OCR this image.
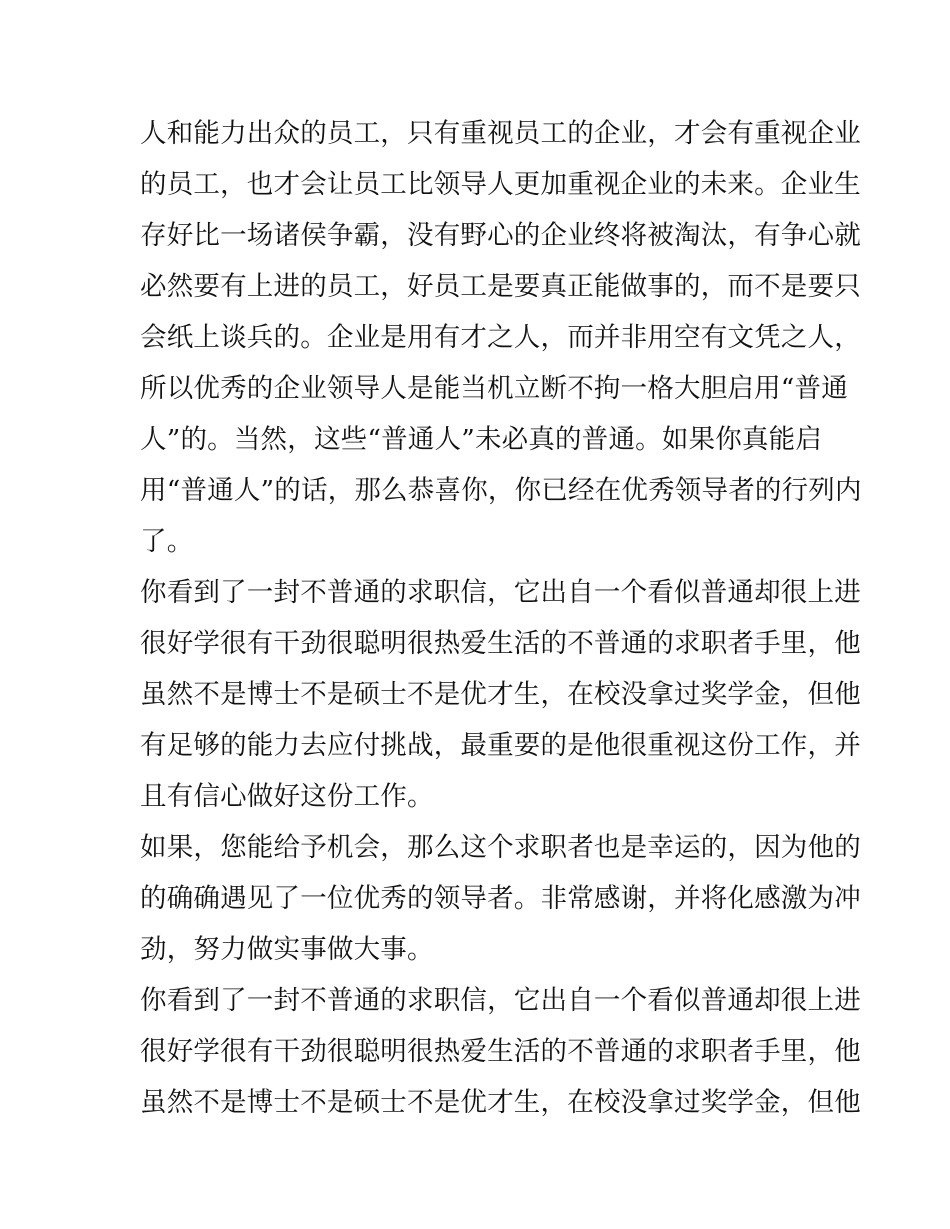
人和能力出众的员工，只有重视员工的企业，才会有重视企业
的员工，也才会让员工比领导人更加重视企业的未来。企业生
存好比一场诸侯争霸，没有野心的企业终将被淘汰，有争心就
必然要有上进的员工，好员工是要真正能做事的，而不是要只
会纸上谈兵的。企业是用有才之人，而并非用空有文凭之人，
所以优秀的企业领导人是能当机立断不拘一格大胆启用“普通
人”的。当然，这些“普通人”未必真的普通。如果你真能启
用“普通人”的话，那么恭喜你，你已经在优秀领导者的行列内
了。
你看到了一封不普通的求职信，它出自一个看似普通却很上进
很好学很有干劲很聪明很热爱生活的不普通的求职者手里，他
虽然不是博士不是硕士不是优才生，在校没拿过奖学金，但他
有足够的能力去应付挑战，最重要的是他很重视这份工作，并
且有信心做好这份工作。
如果，您能给予机会，那么这个求职者也是幸运的，因为他的
的确确遇见了一位优秀的领导者。非常感谢，并将化感激为冲
劲，努力做实事做大事。
你看到了一封不普通的求职信，它出自一个看似普通却很上进
很好学很有干劲很聪明很热爱生活的不普通的求职者手里，他
虽然不是博士不是硕士不是优才生，在校没拿过奖学金，但他
